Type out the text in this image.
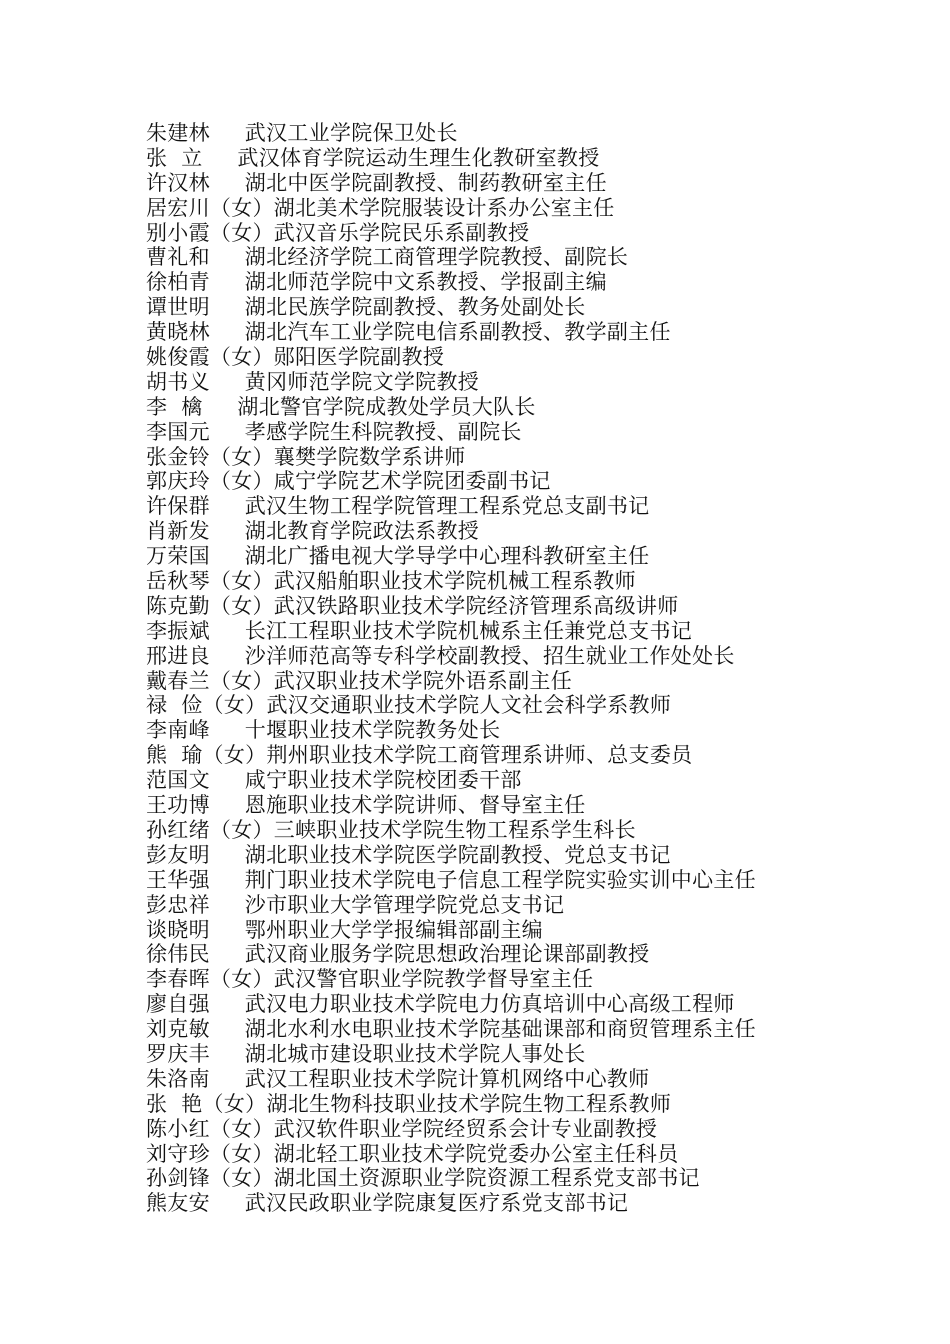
朱建林     武汉工业学院保卫处长
张  立     武汉体育学院运动生理生化教研室教授
许汉林     湖北中医学院副教授、制药教研室主任
居宏川（女）湖北美术学院服装设计系办公室主任
别小霞（女）武汉音乐学院民乐系副教授
曹礼和     湖北经济学院工商管理学院教授、副院长
徐柏青     湖北师范学院中文系教授、学报副主编
谭世明     湖北民族学院副教授、教务处副处长
黄晓林     湖北汽车工业学院电信系副教授、教学副主任
姚俊霞（女）郧阳医学院副教授
胡书义     黄冈师范学院文学院教授
李  檎     湖北警官学院成教处学员大队长
李国元     孝感学院生科院教授、副院长
张金铃（女）襄樊学院数学系讲师
郭庆玲（女）咸宁学院艺术学院团委副书记
许保群     武汉生物工程学院管理工程系党总支副书记
肖新发     湖北教育学院政法系教授
万荣国     湖北广播电视大学导学中心理科教研室主任
岳秋琴（女）武汉船舶职业技术学院机械工程系教师
陈克勤（女）武汉铁路职业技术学院经济管理系高级讲师
李振斌     长江工程职业技术学院机械系主任兼党总支书记
邢进良     沙洋师范高等专科学校副教授、招生就业工作处处长
戴春兰（女）武汉职业技术学院外语系副主任
禄  俭（女）武汉交通职业技术学院人文社会科学系教师
李南峰     十堰职业技术学院教务处长
熊  瑜（女）荆州职业技术学院工商管理系讲师、总支委员
范国文     咸宁职业技术学院校团委干部
王功博     恩施职业技术学院讲师、督导室主任
孙红绪（女）三峡职业技术学院生物工程系学生科长
彭友明     湖北职业技术学院医学院副教授、党总支书记
王华强     荆门职业技术学院电子信息工程学院实验实训中心主任
彭忠祥     沙市职业大学管理学院党总支书记
谈晓明     鄂州职业大学学报编辑部副主编
徐伟民     武汉商业服务学院思想政治理论课部副教授
李春晖（女）武汉警官职业学院教学督导室主任
廖自强     武汉电力职业技术学院电力仿真培训中心高级工程师
刘克敏     湖北水利水电职业技术学院基础课部和商贸管理系主任
罗庆丰     湖北城市建设职业技术学院人事处长
朱洛南     武汉工程职业技术学院计算机网络中心教师
张  艳（女）湖北生物科技职业技术学院生物工程系教师
陈小红（女）武汉软件职业学院经贸系会计专业副教授
刘守珍（女）湖北轻工职业技术学院党委办公室主任科员
孙剑锋（女）湖北国土资源职业学院资源工程系党支部书记
熊友安     武汉民政职业学院康复医疗系党支部书记
